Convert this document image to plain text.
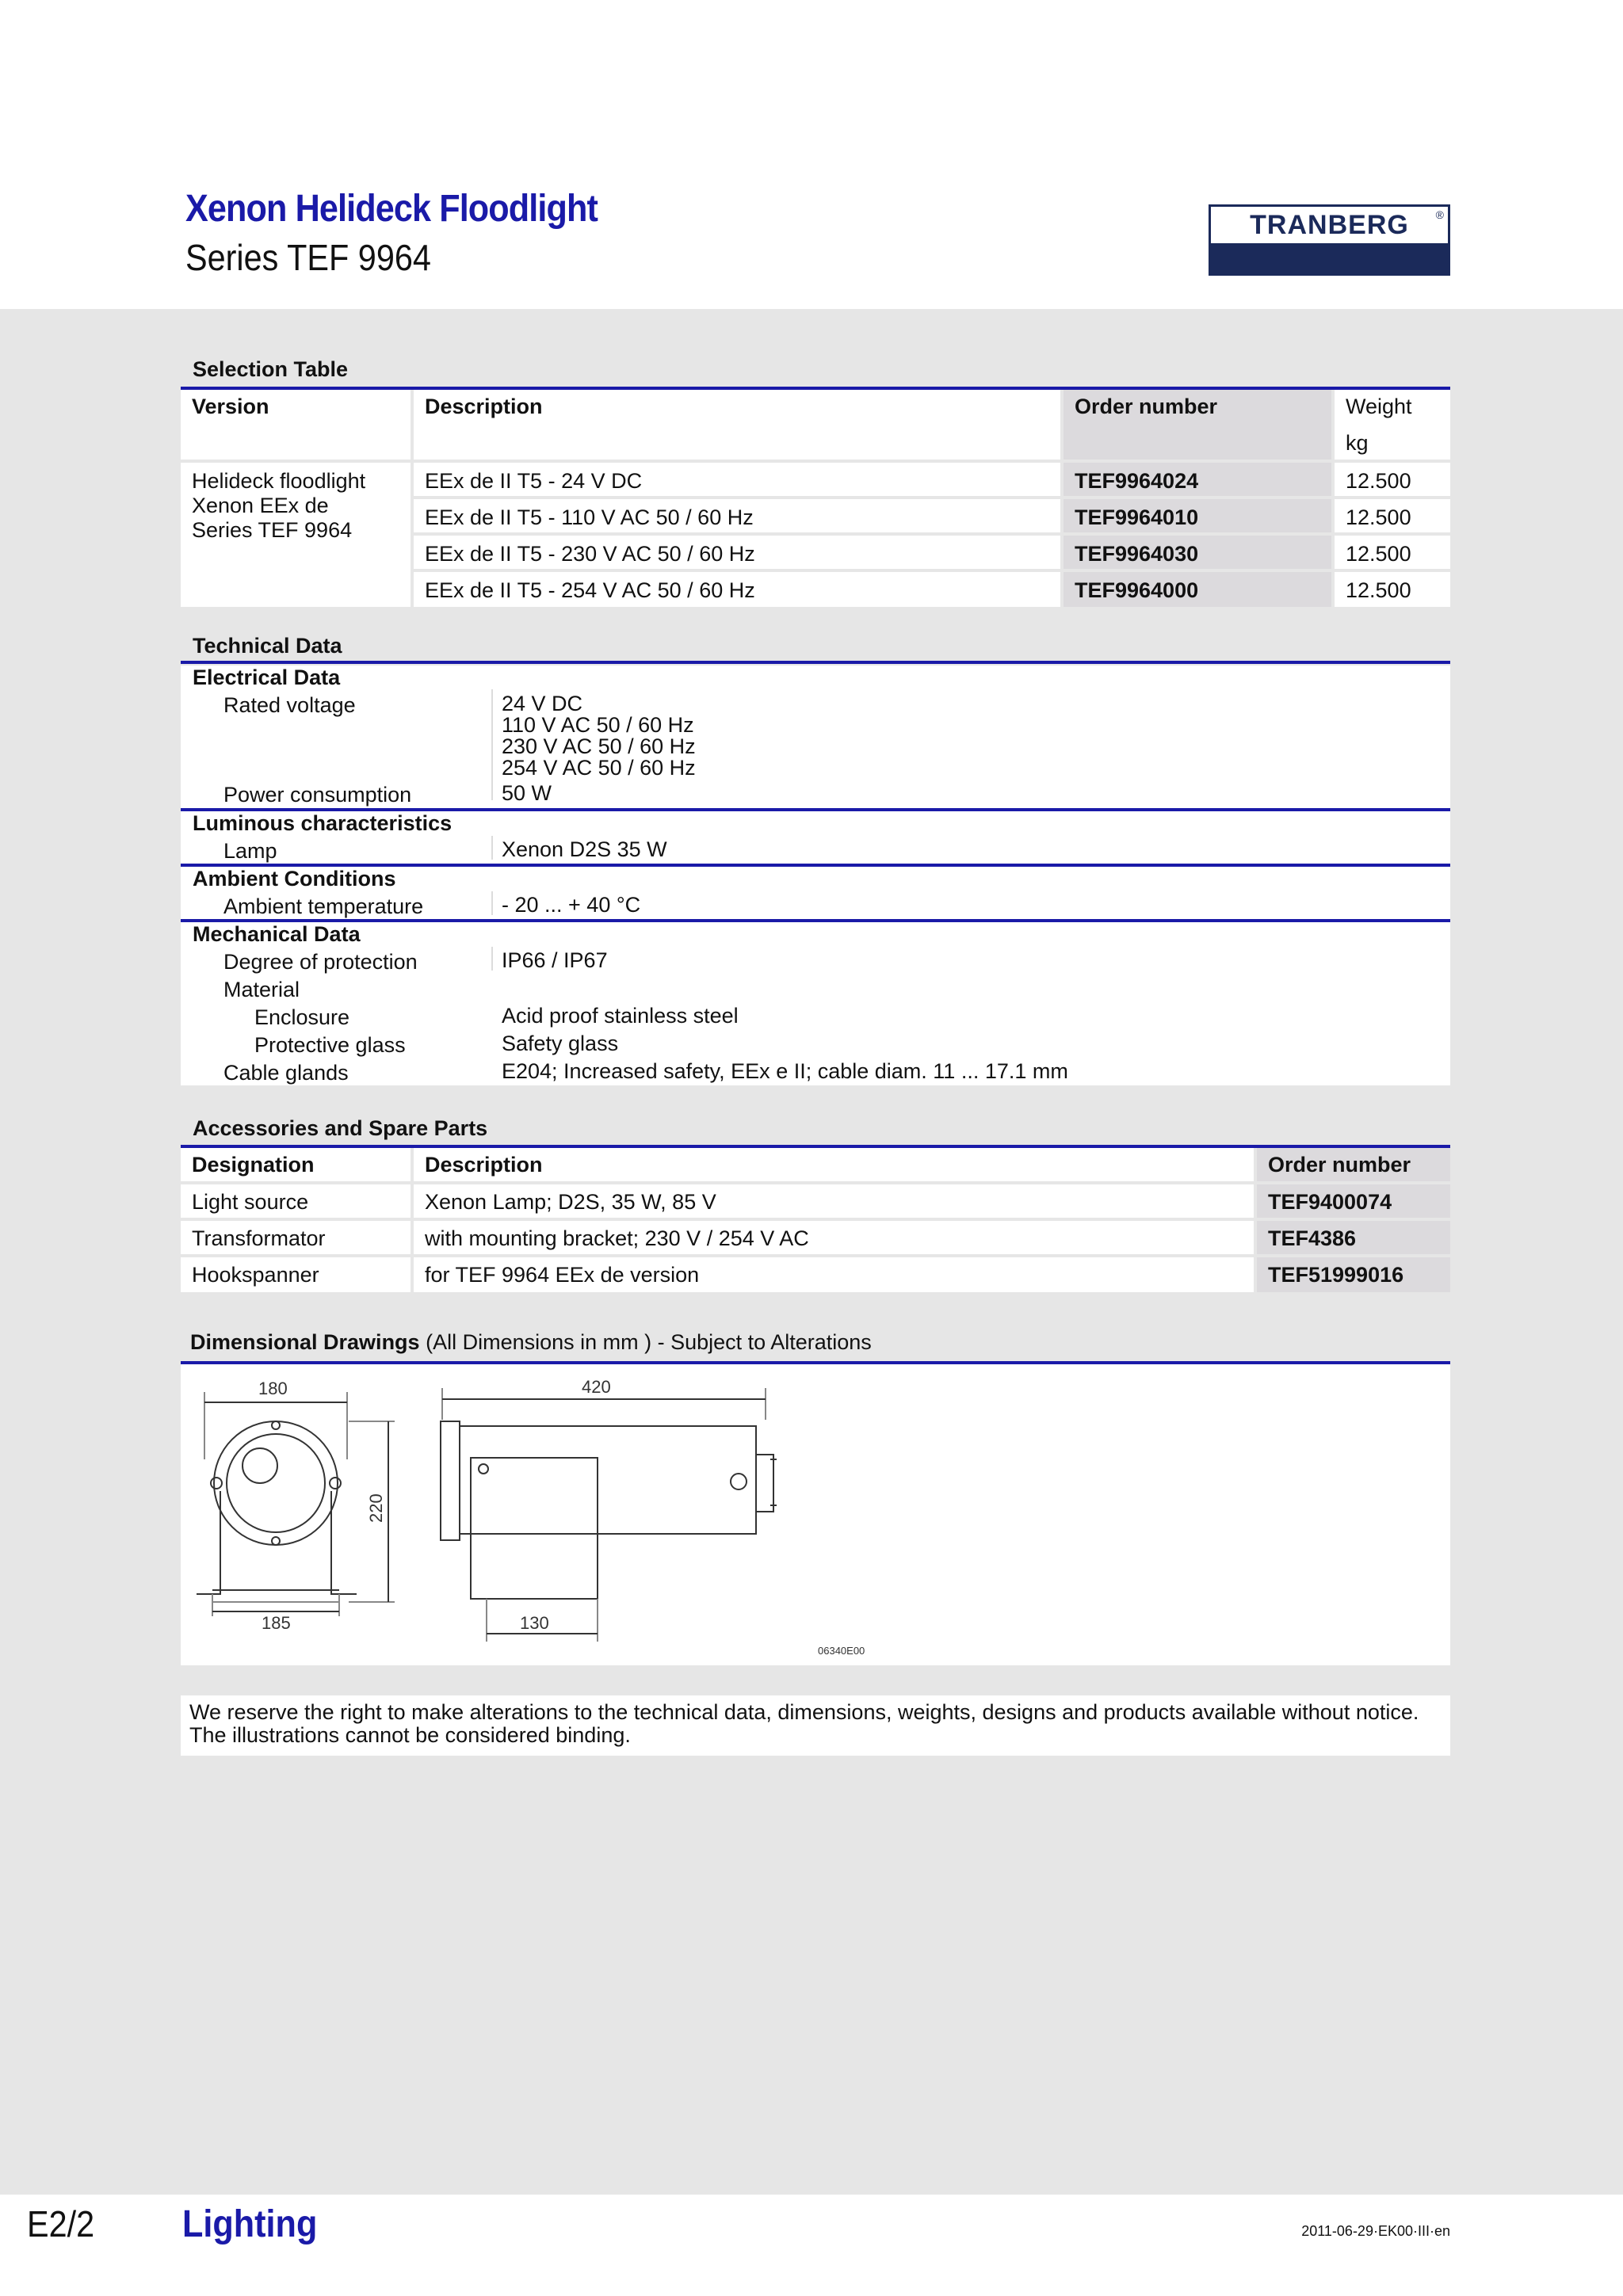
Xenon Helideck Floodlight
Series TEF 9964
TRANBERG ®
Selection Table
Version	Description	Order number	Weight
kg

Helideck floodlight
Xenon EEx de
Series TEF 9964	EEx de II T5 - 24 V DC	TEF9964024	12.500
	EEx de II T5 - 110 V AC 50 / 60 Hz	TEF9964010	12.500
	EEx de II T5 - 230 V AC 50 / 60 Hz	TEF9964030	12.500
	EEx de II T5 - 254 V AC 50 / 60 Hz	TEF9964000	12.500
Technical Data
Electrical Data
Rated voltage	24 V DC
110 V AC 50 / 60 Hz
230 V AC 50 / 60 Hz
254 V AC 50 / 60 Hz
Power consumption	50 W
Luminous characteristics
Lamp	Xenon D2S 35 W
Ambient Conditions
Ambient temperature	- 20 ... + 40 °C
Mechanical Data
Degree of protection	IP66 / IP67
Material
Enclosure	Acid proof stainless steel
Protective glass	Safety glass
Cable glands	E204; Increased safety, EEx e II; cable diam. 11 ... 17.1 mm
Accessories and Spare Parts
Designation	Description	Order number
Light source	Xenon Lamp; D2S, 35 W, 85 V	TEF9400074
Transformator	with mounting bracket; 230 V / 254 V AC	TEF4386
Hookspanner	for TEF 9964 EEx de version	TEF51999016
Dimensional Drawings (All Dimensions in mm ) - Subject to Alterations
180
185
220
420
130
06340E00
We reserve the right to make alterations to the technical data, dimensions, weights, designs and products available without notice.
The illustrations cannot be considered binding.
E2/2 Lighting	2011-06-29·EK00·III·en
